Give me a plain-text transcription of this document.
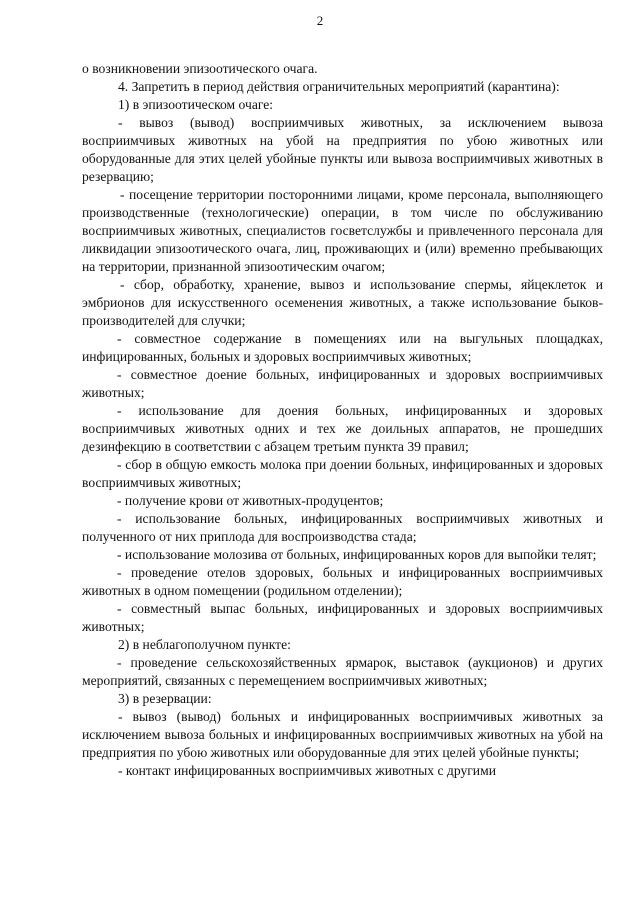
2

о возникновении эпизоотического очага.

4. Запретить в период действия ограничительных мероприятий (карантина):

1) в эпизоотическом очаге:

- вывоз (вывод) восприимчивых животных, за исключением вывоза восприимчивых животных на убой на предприятия по убою животных или оборудованные для этих целей убойные пункты или вывоза восприимчивых животных в резервацию;

- посещение территории посторонними лицами, кроме персонала, выполняющего производственные (технологические) операции, в том числе по обслуживанию восприимчивых животных, специалистов госветслужбы и привлеченного персонала для ликвидации эпизоотического очага, лиц, проживающих и (или) временно пребывающих на территории, признанной эпизоотическим очагом;

- сбор, обработку, хранение, вывоз и использование спермы, яйцеклеток и эмбрионов для искусственного осеменения животных, а также использование быков-производителей для случки;

- совместное содержание в помещениях или на выгульных площадках, инфицированных, больных и здоровых восприимчивых животных;

- совместное доение больных, инфицированных и здоровых восприимчивых животных;

- использование для доения больных, инфицированных и здоровых восприимчивых животных одних и тех же доильных аппаратов, не прошедших дезинфекцию в соответствии с абзацем третьим пункта 39 правил;

- сбор в общую емкость молока при доении больных, инфицированных и здоровых восприимчивых животных;

- получение крови от животных-продуцентов;

- использование больных, инфицированных восприимчивых животных и полученного от них приплода для воспроизводства стада;

- использование молозива от больных, инфицированных коров для выпойки телят;

- проведение отелов здоровых, больных и инфицированных восприимчивых животных в одном помещении (родильном отделении);

- совместный выпас больных, инфицированных и здоровых восприимчивых животных;

2) в неблагополучном пункте:

- проведение сельскохозяйственных ярмарок, выставок (аукционов) и других мероприятий, связанных с перемещением восприимчивых животных;

3) в резервации:

- вывоз (вывод) больных и инфицированных восприимчивых животных за исключением вывоза больных и инфицированных восприимчивых животных на убой на предприятия по убою животных или оборудованные для этих целей убойные пункты;

- контакт инфицированных восприимчивых животных с другими
